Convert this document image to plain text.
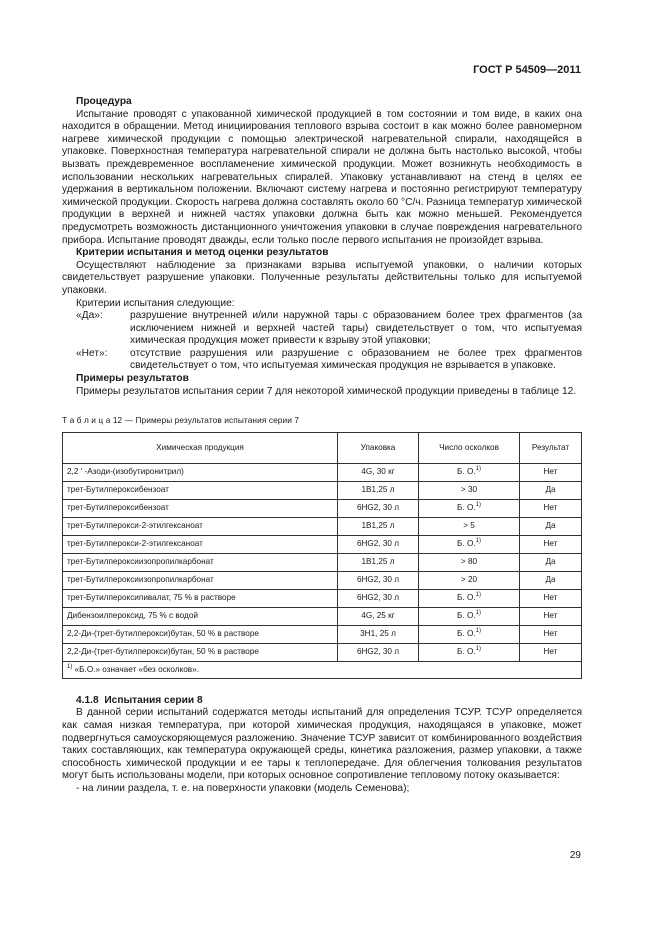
ГОСТ Р 54509—2011

Процедура

Испытание проводят с упакованной химической продукцией в том состоянии и том виде, в каких она находится в обращении. Метод инициирования теплового взрыва состоит в как можно более равномерном нагреве химической продукции с помощью электрической нагревательной спирали, находящейся в упаковке. Поверхностная температура нагревательной спирали не должна быть настолько высокой, чтобы вызвать преждевременное воспламенение химической продукции. Может возникнуть необходимость в использовании нескольких нагревательных спиралей. Упаковку устанавливают на стенд в целях ее удержания в вертикальном положении. Включают систему нагрева и постоянно регистрируют температуру химической продукции. Скорость нагрева должна составлять около 60 °С/ч. Разница температур химической продукции в верхней и нижней частях упаковки должна быть как можно меньшей. Рекомендуется предусмотреть возможность дистанционного уничтожения упаковки в случае повреждения нагревательного прибора. Испытание проводят дважды, если только после первого испытания не произойдет взрыва.

Критерии испытания и метод оценки результатов

Осуществляют наблюдение за признаками взрыва испытуемой упаковки, о наличии которых свидетельствует разрушение упаковки. Полученные результаты действительны только для испытуемой упаковки.

Критерии испытания следующие:

«Да»:	разрушение внутренней и/или наружной тары с образованием более трех фрагментов (за исключением нижней и верхней частей тары) свидетельствует о том, что испытуемая химическая продукция может привести к взрыву этой упаковки;
«Нет»:	отсутствие разрушения или разрушение с образованием не более трех фрагментов свидетельствует о том, что испытуемая химическая продукция не взрывается в упаковке.

Примеры результатов

Примеры результатов испытания серии 7 для некоторой химической продукции приведены в таблице 12.

Т а б л и ц а 12 — Примеры результатов испытания серии 7
Химическая продукция	Упаковка	Число осколков	Результат
2,2 ʹ -Азоди-(изобутиронитрил)	4G, 30 кг	Б. О.$^{1)}$	Нет
трет-Бутилпероксибензоат	1В1,25 л	> 30	Да
трет-Бутилпероксибензоат	6HG2, 30 л	Б. О.$^{1)}$	Нет
трет-Бутилперокси-2-этилгексаноат	1В1,25 л	> 5	Да
трет-Бутилперокси-2-этилгексаноат	6HG2, 30 л	Б. О.$^{1)}$	Нет
трет-Бутилпероксиизопропилкарбонат	1В1,25 л	> 80	Да
трет-Бутилпероксиизопропилкарбонат	6HG2, 30 л	> 20	Да
трет-Бутилпероксипивалат, 75 % в растворе	6HG2, 30 л	Б. О.$^{1)}$	Нет
Дибензоилпероксид, 75 % с водой	4G, 25 кг	Б. О.$^{1)}$	Нет
2,2-Ди-(трет-бутилперокси)бутан, 50 % в растворе	3Н1, 25 л	Б. О.$^{1)}$	Нет
2,2-Ди-(трет-бутилперокси)бутан, 50 % в растворе	6HG2, 30 л	Б. О.$^{1)}$	Нет
$^{1)}$ «Б.О.» означает «без осколков».			

4.1.8 Испытания серии 8

В данной серии испытаний содержатся методы испытаний для определения ТСУР. ТСУР определяется как самая низкая температура, при которой химическая продукция, находящаяся в упаковке, может подвергнуться самоускоряющемуся разложению. Значение ТСУР зависит от комбинированного воздействия таких составляющих, как температура окружающей среды, кинетика разложения, размер упаковки, а также способность химической продукции и ее тары к теплопередаче. Для облегчения толкования результатов могут быть использованы модели, при которых основное сопротивление тепловому потоку оказывается:

- на линии раздела, т. е. на поверхности упаковки (модель Семенова);

29
